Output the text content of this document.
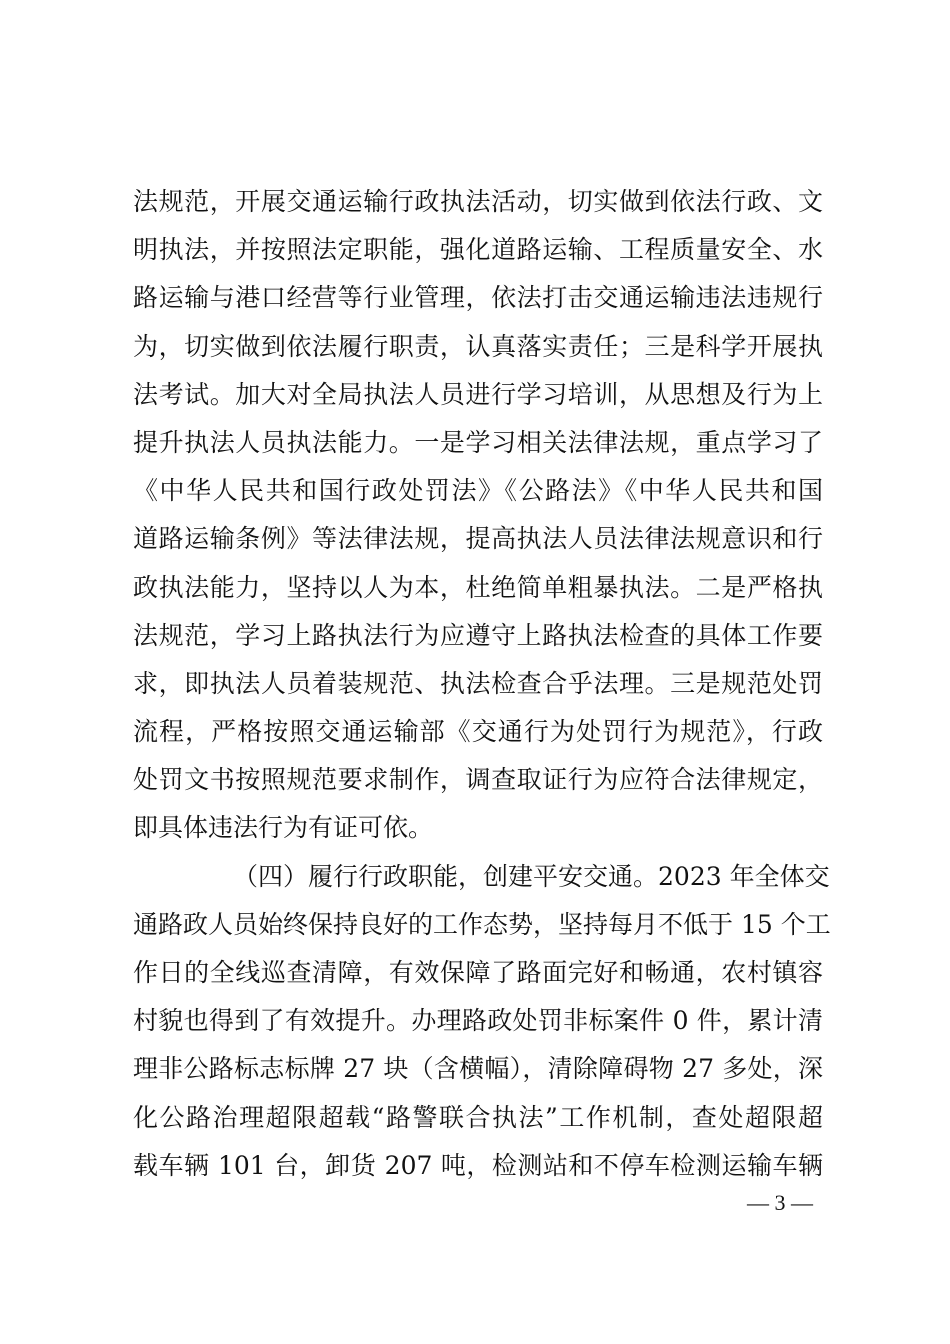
法规范，开展交通运输行政执法活动，切实做到依法行政、文
明执法，并按照法定职能，强化道路运输、工程质量安全、水
路运输与港口经营等行业管理，依法打击交通运输违法违规行
为，切实做到依法履行职责，认真落实责任；三是科学开展执
法考试。加大对全局执法人员进行学习培训，从思想及行为上
提升执法人员执法能力。一是学习相关法律法规，重点学习了
《中华人民共和国行政处罚法》《公路法》《中华人民共和国
道路运输条例》等法律法规，提高执法人员法律法规意识和行
政执法能力，坚持以人为本，杜绝简单粗暴执法。二是严格执
法规范，学习上路执法行为应遵守上路执法检查的具体工作要
求，即执法人员着装规范、执法检查合乎法理。三是规范处罚
流程，严格按照交通运输部《交通行为处罚行为规范》，行政
处罚文书按照规范要求制作，调查取证行为应符合法律规定，
即具体违法行为有证可依。
（四）履行行政职能，创建平安交通。2023 年全体交
通路政人员始终保持良好的工作态势，坚持每月不低于 15 个工
作日的全线巡查清障，有效保障了路面完好和畅通，农村镇容
村貌也得到了有效提升。办理路政处罚非标案件 0 件，累计清
理非公路标志标牌 27 块（含横幅），清除障碍物 27 多处，深
化公路治理超限超载“路警联合执法”工作机制，查处超限超
载车辆 101 台，卸货 207 吨，检测站和不停车检测运输车辆
— 3 —
